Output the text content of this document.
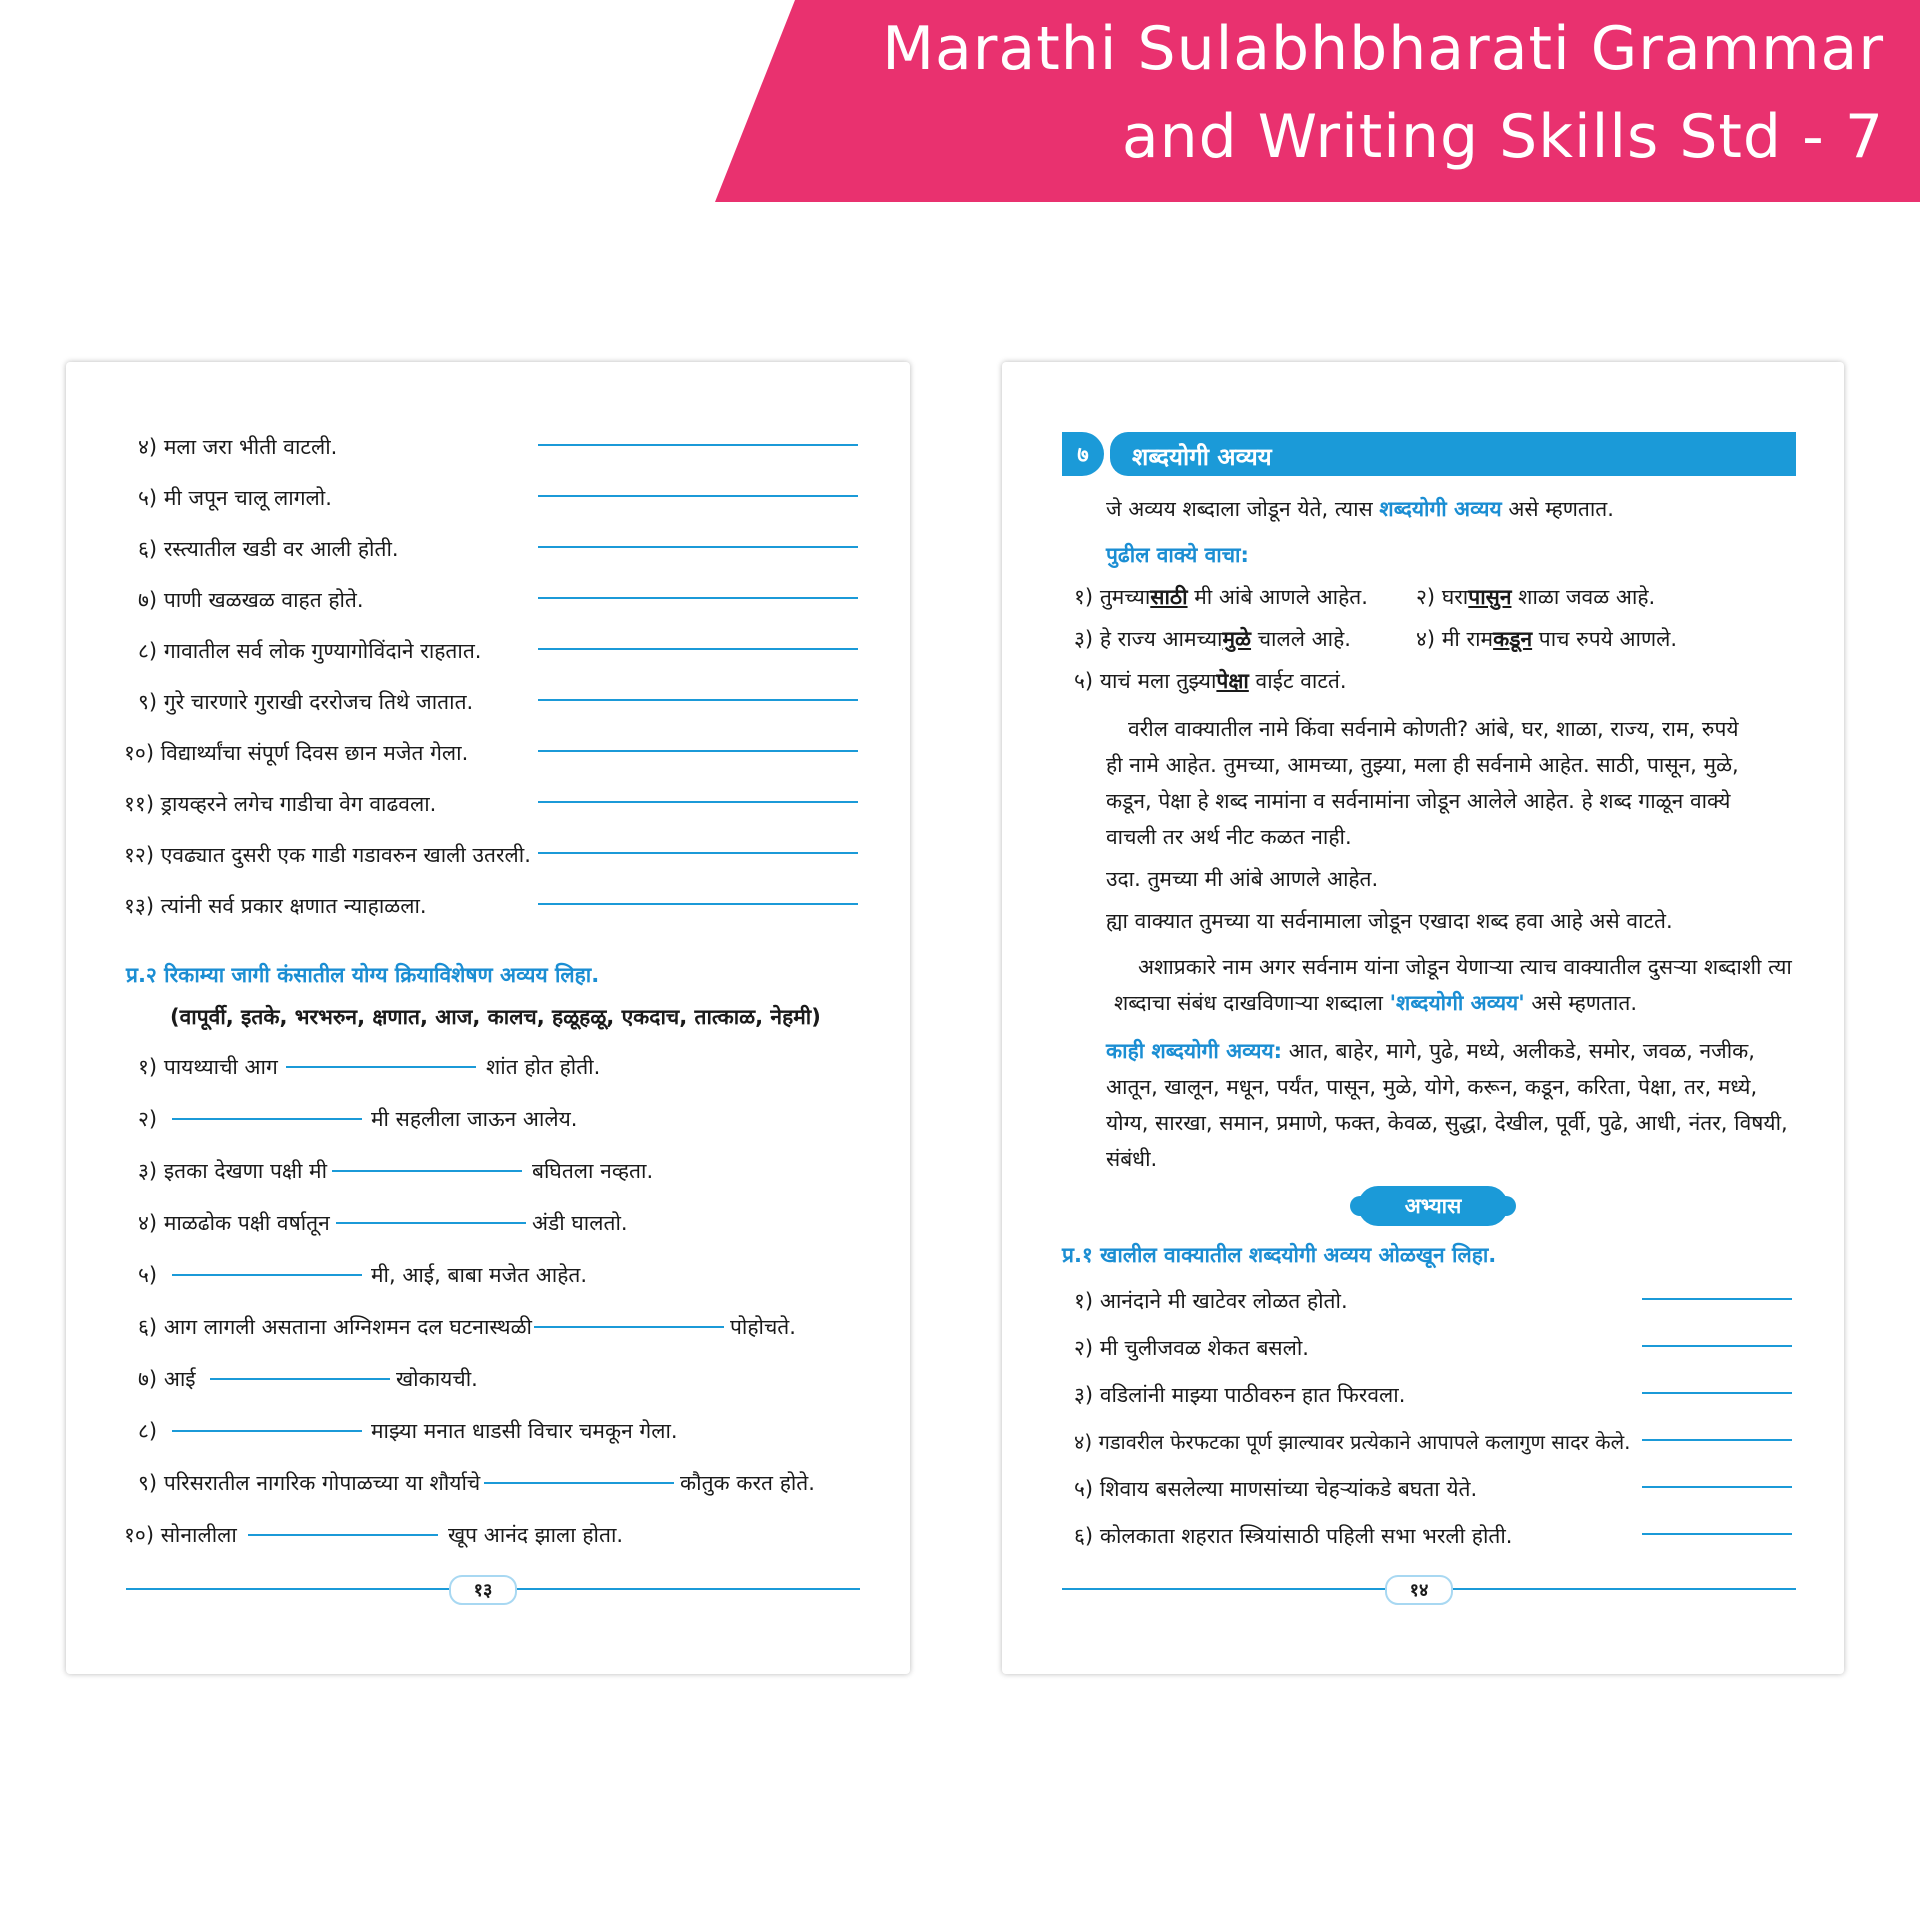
Marathi Sulabhbharati Grammar
and Writing Skills Std - 7
४) मला जरा भीती वाटली.
५) मी जपून चालू लागलो.
६) रस्त्यातील खडी वर आली होती.
७) पाणी खळखळ वाहत होते.
८) गावातील सर्व लोक गुण्यागोविंदाने राहतात.
९) गुरे चारणारे गुराखी दररोजच तिथे जातात.
१०) विद्यार्थ्यांचा संपूर्ण दिवस छान मजेत गेला.
११) ड्रायव्हरने लगेच गाडीचा वेग वाढवला.
१२) एवढ्यात दुसरी एक गाडी गडावरुन खाली उतरली.
१३) त्यांनी सर्व प्रकार क्षणात न्याहाळला.
प्र.२ रिकाम्या जागी कंसातील योग्य क्रियाविशेषण अव्यय लिहा.
(वापूर्वी, इतके, भरभरुन, क्षणात, आज, कालच, हळूहळू, एकदाच, तात्काळ, नेहमी)
१) पायथ्याची आग	शांत होत होती.
२)	मी सहलीला जाऊन आलेय.
३) इतका देखणा पक्षी मी	बघितला नव्हता.
४) माळढोक पक्षी वर्षातून	अंडी घालतो.
५)	मी, आई, बाबा मजेत आहेत.
६) आग लागली असताना अग्निशमन दल घटनास्थळी	पोहोचते.
७) आई	खोकायची.
८)	माझ्या मनात धाडसी विचार चमकून गेला.
९) परिसरातील नागरिक गोपाळच्या या शौर्याचे	कौतुक करत होते.
१०) सोनालीला	खूप आनंद झाला होता.
१३
७	शब्दयोगी अव्यय
जे अव्यय शब्दाला जोडून येते, त्यास शब्दयोगी अव्यय असे म्हणतात.
पुढील वाक्ये वाचा:
१) तुमच्यासाठी मी आंबे आणले आहेत. २) घरापासुन शाळा जवळ आहे.
३) हे राज्य आमच्यामुळे चालले आहे.	४) मी रामकडून पाच रुपये आणले.
५) याचं मला तुझ्यापेक्षा वाईट वाटतं.
वरील वाक्यातील नामे किंवा सर्वनामे कोणती? आंबे, घर, शाळा, राज्य, राम, रुपये
ही नामे आहेत. तुमच्या, आमच्या, तुझ्या, मला ही सर्वनामे आहेत. साठी, पासून, मुळे,
कडून, पेक्षा हे शब्द नामांना व सर्वनामांना जोडून आलेले आहेत. हे शब्द गाळून वाक्ये
वाचली तर अर्थ नीट कळत नाही.
उदा. तुमच्या मी आंबे आणले आहेत.
ह्या वाक्यात तुमच्या या सर्वनामाला जोडून एखादा शब्द हवा आहे असे वाटते.
अशाप्रकारे नाम अगर सर्वनाम यांना जोडून येणाऱ्या त्याच वाक्यातील दुसऱ्या शब्दाशी त्या
शब्दाचा संबंध दाखविणाऱ्या शब्दाला 'शब्दयोगी अव्यय' असे म्हणतात.
काही शब्दयोगी अव्यय: आत, बाहेर, मागे, पुढे, मध्ये, अलीकडे, समोर, जवळ, नजीक,
आतून, खालून, मधून, पर्यंत, पासून, मुळे, योगे, करून, कडून, करिता, पेक्षा, तर, मध्ये,
योग्य, सारखा, समान, प्रमाणे, फक्त, केवळ, सुद्धा, देखील, पूर्वी, पुढे, आधी, नंतर, विषयी,
संबंधी.
अभ्यास
प्र.१ खालील वाक्यातील शब्दयोगी अव्यय ओळखून लिहा.
१) आनंदाने मी खाटेवर लोळत होतो.
२) मी चुलीजवळ शेकत बसलो.
३) वडिलांनी माझ्या पाठीवरुन हात फिरवला.
४) गडावरील फेरफटका पूर्ण झाल्यावर प्रत्येकाने आपापले कलागुण सादर केले.
५) शिवाय बसलेल्या माणसांच्या चेहऱ्यांकडे बघता येते.
६) कोलकाता शहरात स्त्रियांसाठी पहिली सभा भरली होती.
१४
